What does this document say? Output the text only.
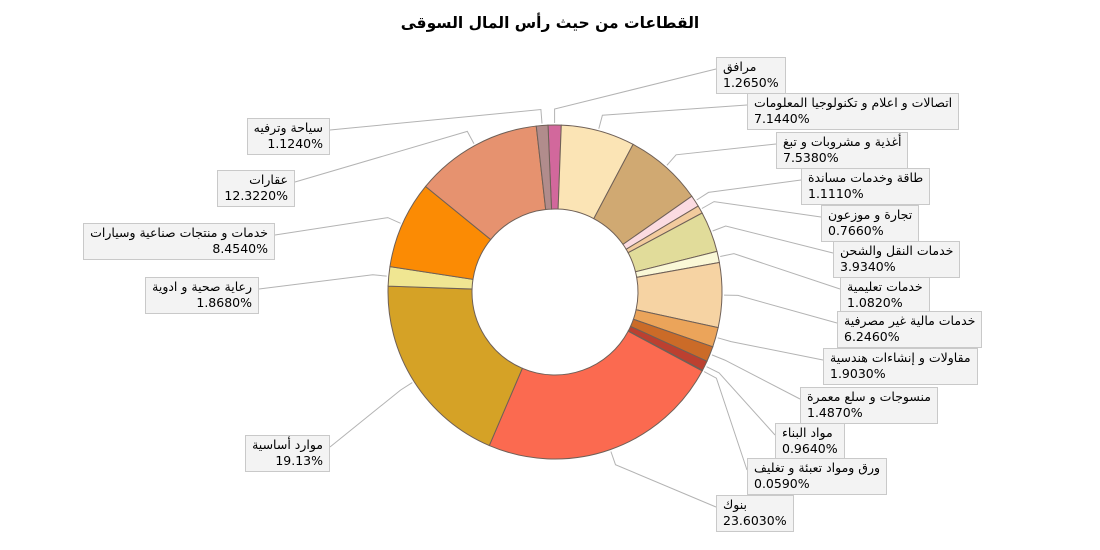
القطاعات من حيث رأس المال السوقى
مرافق
1.2650%
اتصالات و اعلام و تكنولوجيا المعلومات
7.1440%
أغذية و مشروبات و تبغ
7.5380%
طاقة وخدمات مساندة
1.1110%
تجارة و موزعون
0.7660%
خدمات النقل والشحن
3.9340%
خدمات تعليمية
1.0820%
خدمات مالية غير مصرفية
6.2460%
مقاولات و إنشاءات هندسية
1.9030%
منسوجات و سلع معمرة
1.4870%
مواد البناء
0.9640%
ورق ومواد تعبئة و تغليف
0.0590%
بنوك
23.6030%
موارد أساسية
19.13%
رعاية صحية و ادوية
1.8680%
خدمات و منتجات صناعية وسيارات
8.4540%
عقارات
12.3220%
سياحة وترفيه
1.1240%
